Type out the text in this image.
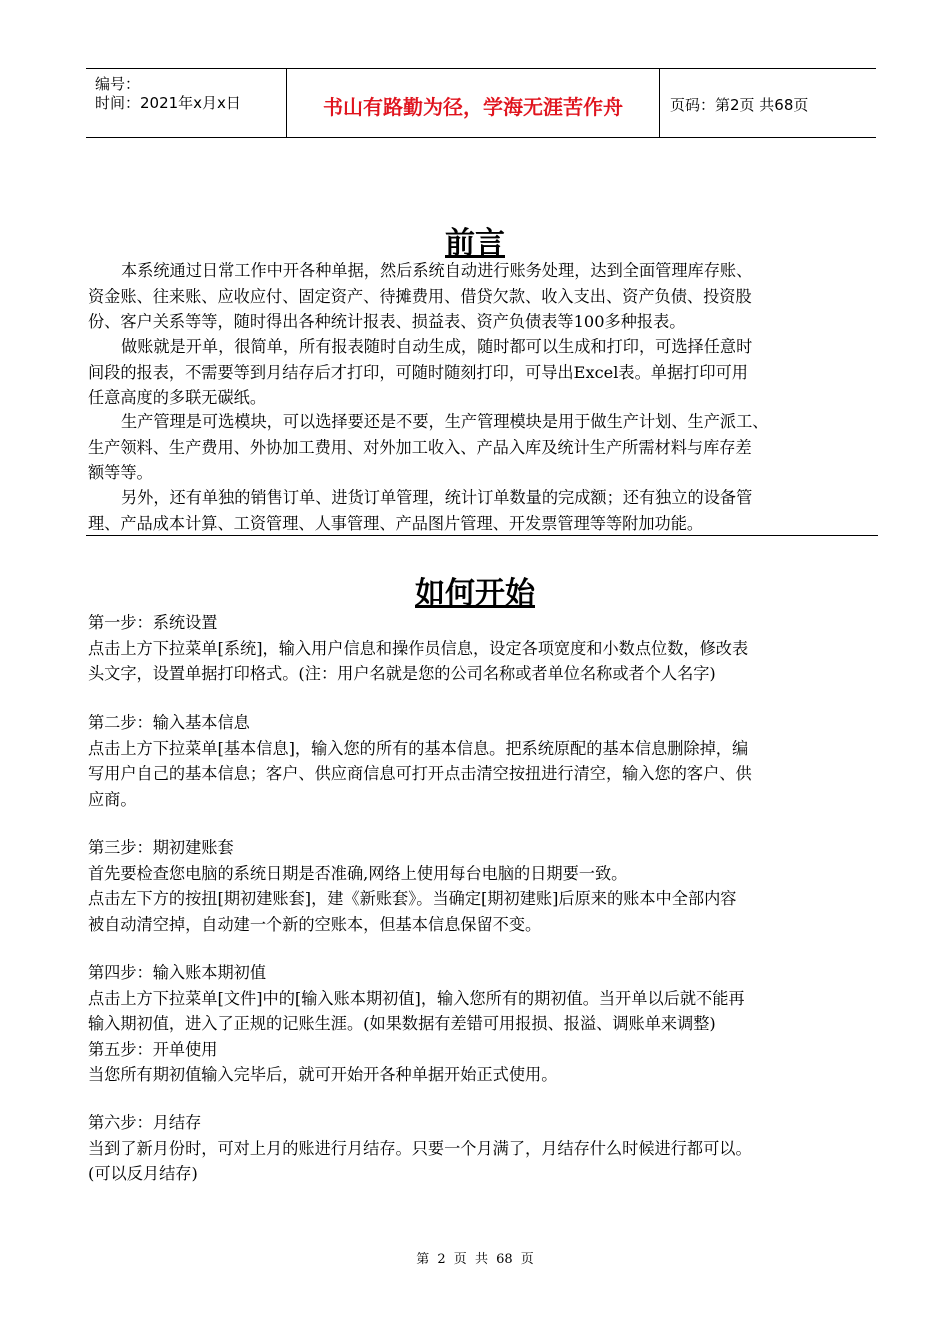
编号：
时间：2021年x月x日	书山有路勤为径，学海无涯苦作舟	页码：第2页 共68页
前言
本系统通过日常工作中开各种单据，然后系统自动进行账务处理，达到全面管理库存账、
资金账、往来账、应收应付、固定资产、待摊费用、借贷欠款、收入支出、资产负债、投资股
份、客户关系等等，随时得出各种统计报表、损益表、资产负债表等100多种报表。
做账就是开单，很简单，所有报表随时自动生成，随时都可以生成和打印，可选择任意时
间段的报表，不需要等到月结存后才打印，可随时随刻打印，可导出Excel表。单据打印可用
任意高度的多联无碳纸。
生产管理是可选模块，可以选择要还是不要，生产管理模块是用于做生产计划、生产派工、
生产领料、生产费用、外协加工费用、对外加工收入、产品入库及统计生产所需材料与库存差
额等等。
另外，还有单独的销售订单、进货订单管理，统计订单数量的完成额；还有独立的设备管
理、产品成本计算、工资管理、人事管理、产品图片管理、开发票管理等等附加功能。
如何开始
第一步：系统设置
点击上方下拉菜单[系统]，输入用户信息和操作员信息，设定各项宽度和小数点位数，修改表
头文字，设置单据打印格式。(注：用户名就是您的公司名称或者单位名称或者个人名字)
第二步：输入基本信息
点击上方下拉菜单[基本信息]，输入您的所有的基本信息。把系统原配的基本信息删除掉，编
写用户自己的基本信息；客户、供应商信息可打开点击清空按扭进行清空，输入您的客户、供
应商。
第三步：期初建账套
首先要检查您电脑的系统日期是否准确,网络上使用每台电脑的日期要一致。
点击左下方的按扭[期初建账套]，建《新账套》。当确定[期初建账]后原来的账本中全部内容
被自动清空掉，自动建一个新的空账本，但基本信息保留不变。
第四步：输入账本期初值
点击上方下拉菜单[文件]中的[输入账本期初值]，输入您所有的期初值。当开单以后就不能再
输入期初值，进入了正规的记账生涯。(如果数据有差错可用报损、报溢、调账单来调整)
第五步：开单使用
当您所有期初值输入完毕后，就可开始开各种单据开始正式使用。
第六步：月结存
当到了新月份时，可对上月的账进行月结存。只要一个月满了，月结存什么时候进行都可以。
(可以反月结存)
第 2 页 共 68 页
